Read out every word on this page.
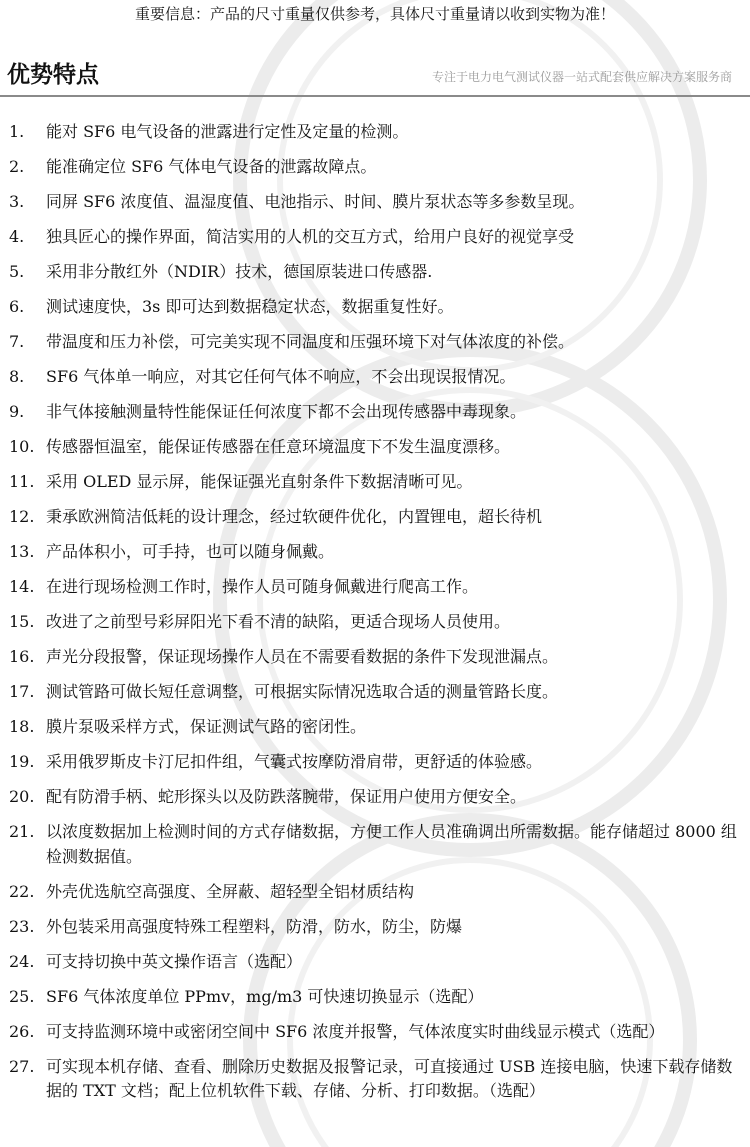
重要信息：产品的尺寸重量仅供参考，具体尺寸重量请以收到实物为准！
优势特点	专注于电力电气测试仪器一站式配套供应解决方案服务商
1. 能对 SF6 电气设备的泄露进行定性及定量的检测。
2. 能准确定位 SF6 气体电气设备的泄露故障点。
3. 同屏 SF6 浓度值、温湿度值、电池指示、时间、膜片泵状态等多参数呈现。
4. 独具匠心的操作界面，简洁实用的人机的交互方式，给用户良好的视觉享受
5. 采用非分散红外（NDIR）技术，德国原装进口传感器.
6. 测试速度快，3s 即可达到数据稳定状态，数据重复性好。
7. 带温度和压力补偿，可完美实现不同温度和压强环境下对气体浓度的补偿。
8. SF6 气体单一响应，对其它任何气体不响应，不会出现误报情况。
9. 非气体接触测量特性能保证任何浓度下都不会出现传感器中毒现象。
10. 传感器恒温室，能保证传感器在任意环境温度下不发生温度漂移。
11. 采用 OLED 显示屏，能保证强光直射条件下数据清晰可见。
12. 秉承欧洲简洁低耗的设计理念，经过软硬件优化，内置锂电，超长待机
13. 产品体积小，可手持，也可以随身佩戴。
14. 在进行现场检测工作时，操作人员可随身佩戴进行爬高工作。
15. 改进了之前型号彩屏阳光下看不清的缺陷，更适合现场人员使用。
16. 声光分段报警，保证现场操作人员在不需要看数据的条件下发现泄漏点。
17. 测试管路可做长短任意调整，可根据实际情况选取合适的测量管路长度。
18. 膜片泵吸采样方式，保证测试气路的密闭性。
19. 采用俄罗斯皮卡汀尼扣件组，气囊式按摩防滑肩带，更舒适的体验感。
20. 配有防滑手柄、蛇形探头以及防跌落腕带，保证用户使用方便安全。
21. 以浓度数据加上检测时间的方式存储数据，方便工作人员准确调出所需数据。能存储超过 8000 组检测数据值。
22. 外壳优选航空高强度、全屏蔽、超轻型全铝材质结构
23. 外包装采用高强度特殊工程塑料，防滑，防水，防尘，防爆
24. 可支持切换中英文操作语言（选配）
25. SF6 气体浓度单位 PPmv，mg/m3 可快速切换显示（选配）
26. 可支持监测环境中或密闭空间中 SF6 浓度并报警，气体浓度实时曲线显示模式（选配）
27. 可实现本机存储、查看、删除历史数据及报警记录，可直接通过 USB 连接电脑，快速下载存储数据的 TXT 文档；配上位机软件下载、存储、分析、打印数据。（选配）
